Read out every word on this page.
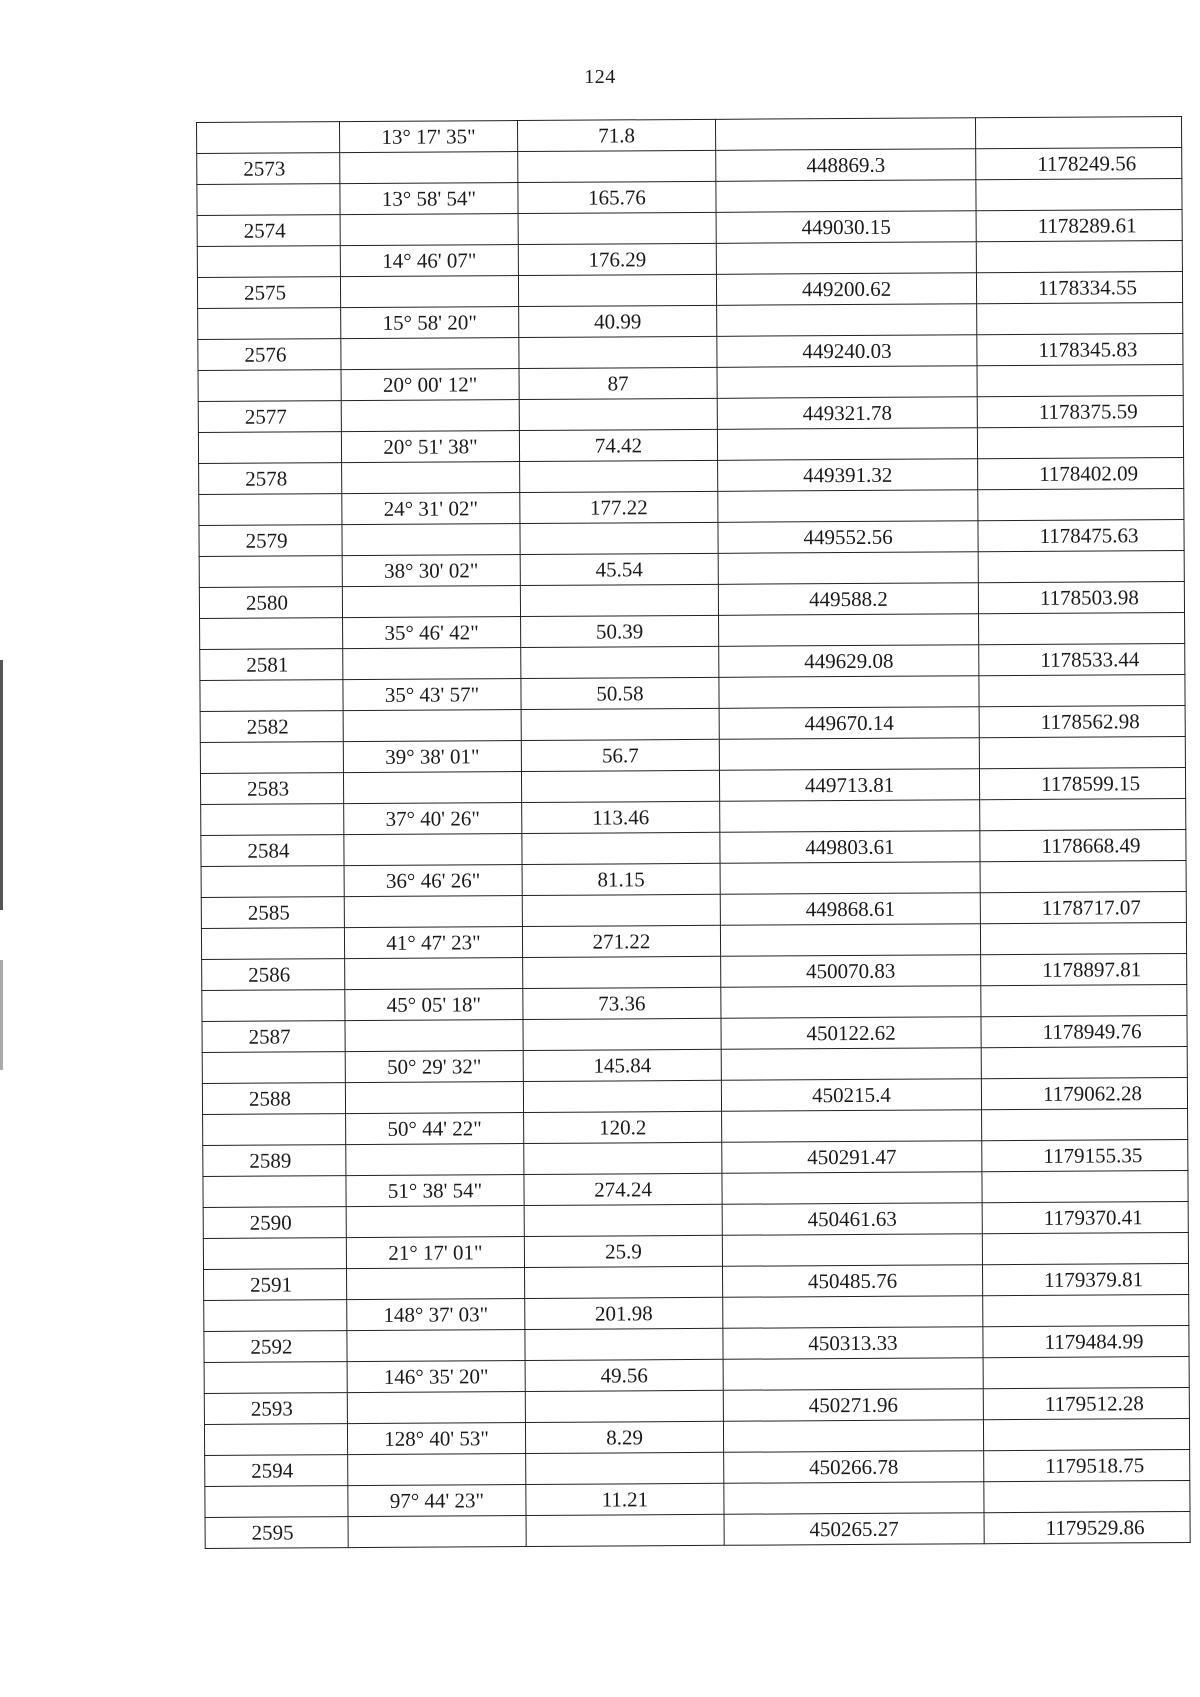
124
	13° 17' 35"	71.8		
2573			448869.3	1178249.56
	13° 58' 54"	165.76		
2574			449030.15	1178289.61
	14° 46' 07"	176.29		
2575			449200.62	1178334.55
	15° 58' 20"	40.99		
2576			449240.03	1178345.83
	20° 00' 12"	87		
2577			449321.78	1178375.59
	20° 51' 38"	74.42		
2578			449391.32	1178402.09
	24° 31' 02"	177.22		
2579			449552.56	1178475.63
	38° 30' 02"	45.54		
2580			449588.2	1178503.98
	35° 46' 42"	50.39		
2581			449629.08	1178533.44
	35° 43' 57"	50.58		
2582			449670.14	1178562.98
	39° 38' 01"	56.7		
2583			449713.81	1178599.15
	37° 40' 26"	113.46		
2584			449803.61	1178668.49
	36° 46' 26"	81.15		
2585			449868.61	1178717.07
	41° 47' 23"	271.22		
2586			450070.83	1178897.81
	45° 05' 18"	73.36		
2587			450122.62	1178949.76
	50° 29' 32"	145.84		
2588			450215.4	1179062.28
	50° 44' 22"	120.2		
2589			450291.47	1179155.35
	51° 38' 54"	274.24		
2590			450461.63	1179370.41
	21° 17' 01"	25.9		
2591			450485.76	1179379.81
	148° 37' 03"	201.98		
2592			450313.33	1179484.99
	146° 35' 20"	49.56		
2593			450271.96	1179512.28
	128° 40' 53"	8.29		
2594			450266.78	1179518.75
	97° 44' 23"	11.21		
2595			450265.27	1179529.86
